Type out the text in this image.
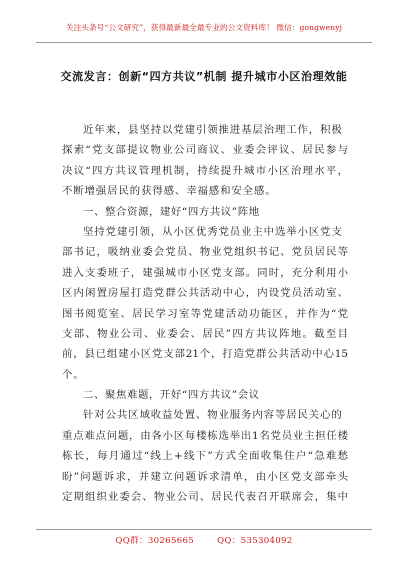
关注头条号“公文研究”，获得最新最全最专业的公文资料库！ 微信：gongwenyj
交流发言：创新“四方共议”机制 提升城市小区治理效能
近年来，县坚持以党建引领推进基层治理工作，积极
探索“党支部提议物业公司商议、业委会评议、居民参与
决议“四方共议管理机制，持续提升城市小区治理水平，
不断增强居民的获得感、幸福感和安全感。
一、整合资源，建好“四方共议”阵地
坚持党建引领，从小区优秀党员业主中选举小区党支
部书记，吸纳业委会党员、物业党组织书记、党员居民等
进入支委班子，建强城市小区党支部。同时，充分利用小
区内闲置房屋打造党群公共活动中心，内设党员活动室、
图书阅览室、居民学习室等党建活动功能区，并作为“党
支部、物业公司、业委会、居民”四方共议阵地。截至目
前，县已组建小区党支部21个，打造党群公共活动中心15
个。
二、聚焦难题，开好“四方共议”会议
针对公共区域收益处置、物业服务内容等居民关心的
重点难点问题，由各小区每楼栋选举出1名党员业主担任楼
栋长，每月通过“线上+线下”方式全面收集住户“急难愁
盼”问题诉求，并建立问题诉求清单，由小区党支部牵头
定期组织业委会、物业公司、居民代表召开联席会，集中
QQ群：30265665	QQ：535304092
